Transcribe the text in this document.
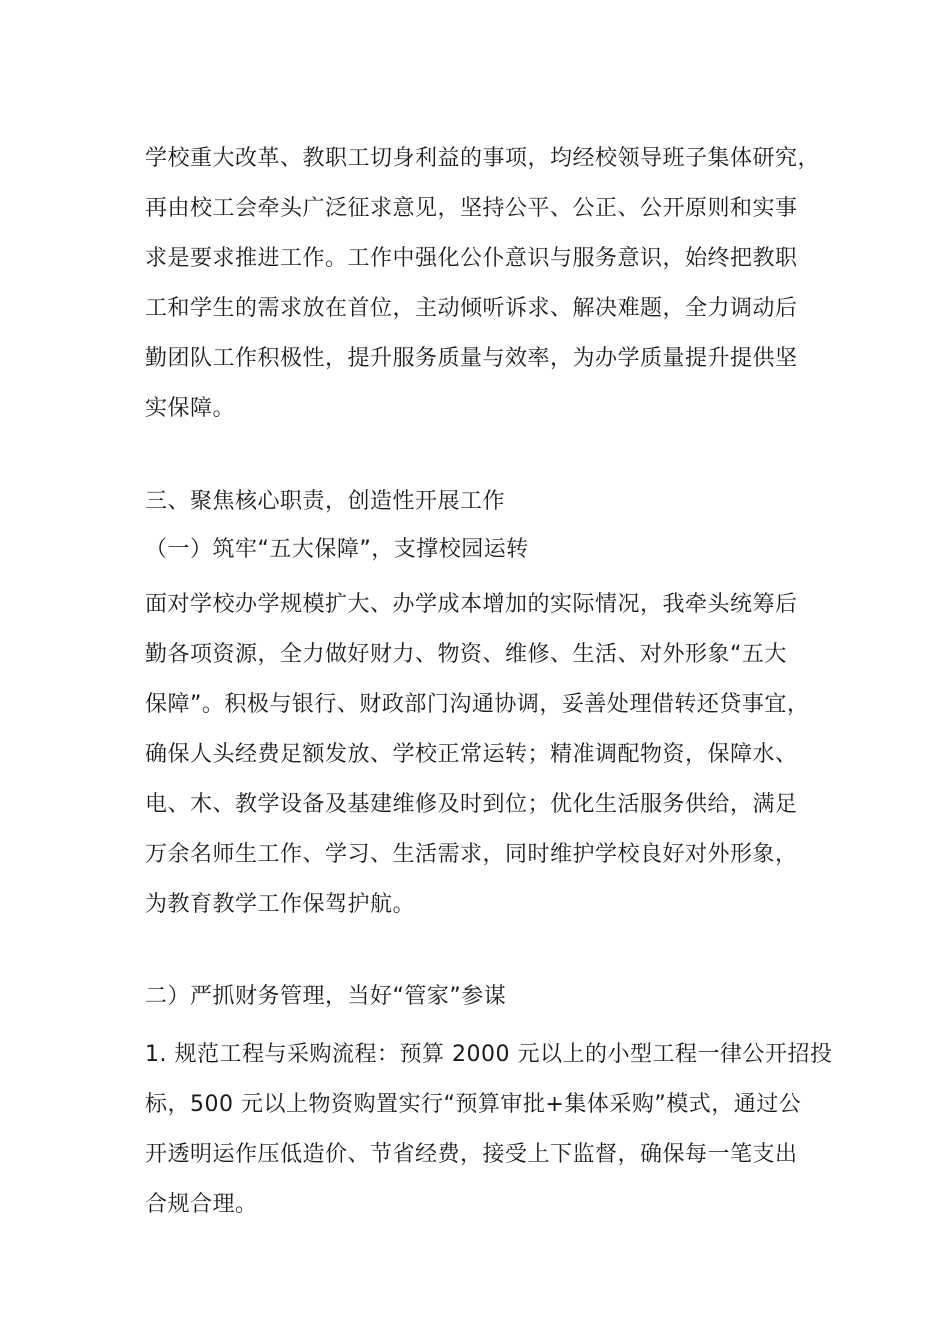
学校重大改革、教职工切身利益的事项，均经校领导班子集体研究，

再由校工会牵头广泛征求意见，坚持公平、公正、公开原则和实事

求是要求推进工作。工作中强化公仆意识与服务意识，始终把教职

工和学生的需求放在首位，主动倾听诉求、解决难题，全力调动后

勤团队工作积极性，提升服务质量与效率，为办学质量提升提供坚

实保障。

三、聚焦核心职责，创造性开展工作

（一）筑牢“五大保障”，支撑校园运转

面对学校办学规模扩大、办学成本增加的实际情况，我牵头统筹后

勤各项资源，全力做好财力、物资、维修、生活、对外形象“五大

保障”。积极与银行、财政部门沟通协调，妥善处理借转还贷事宜，

确保人头经费足额发放、学校正常运转；精准调配物资，保障水、

电、木、教学设备及基建维修及时到位；优化生活服务供给，满足

万余名师生工作、学习、生活需求，同时维护学校良好对外形象，

为教育教学工作保驾护航。

二）严抓财务管理，当好“管家”参谋

1. 规范工程与采购流程：预算 2000 元以上的小型工程一律公开招投

标，500 元以上物资购置实行“预算审批+集体采购”模式，通过公

开透明运作压低造价、节省经费，接受上下监督，确保每一笔支出

合规合理。
